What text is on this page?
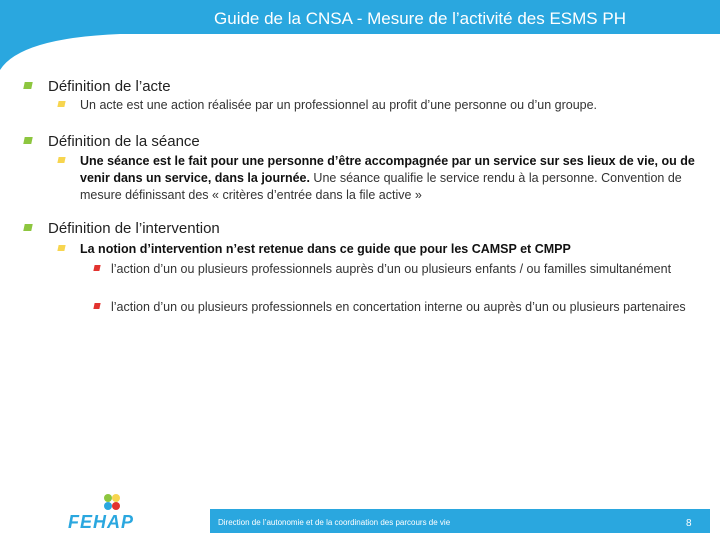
Guide de la CNSA - Mesure de l’activité des ESMS PH
Définition de l’acte
Un acte est une action réalisée par un professionnel au profit d’une personne ou d’un groupe.
Définition de la séance
Une séance est le fait pour une personne d’être accompagnée par un service sur ses lieux de vie, ou de venir dans un service, dans la journée. Une séance qualifie le service rendu à la personne. Convention de mesure définissant des « critères d’entrée dans la file active »
Définition de l’intervention
La notion d’intervention n’est retenue dans ce guide que pour les CAMSP et CMPP
l’action d’un ou plusieurs professionnels auprès d’un ou plusieurs enfants / ou familles simultanément
l’action d’un ou plusieurs professionnels en concertation interne ou auprès d’un ou plusieurs partenaires
FEHAP	Direction de l’autonomie et de la coordination des parcours de vie	8
